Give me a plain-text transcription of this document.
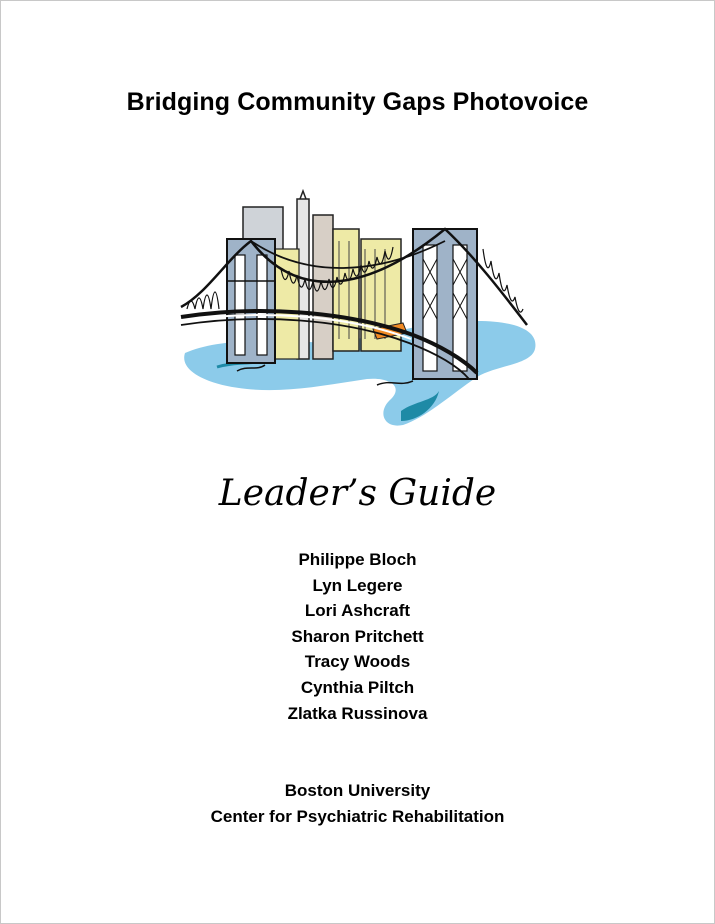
Bridging Community Gaps Photovoice
Leader’s Guide
Philippe Bloch
Lyn Legere
Lori Ashcraft
Sharon Pritchett
Tracy Woods
Cynthia Piltch
Zlatka Russinova
Boston University
Center for Psychiatric Rehabilitation
